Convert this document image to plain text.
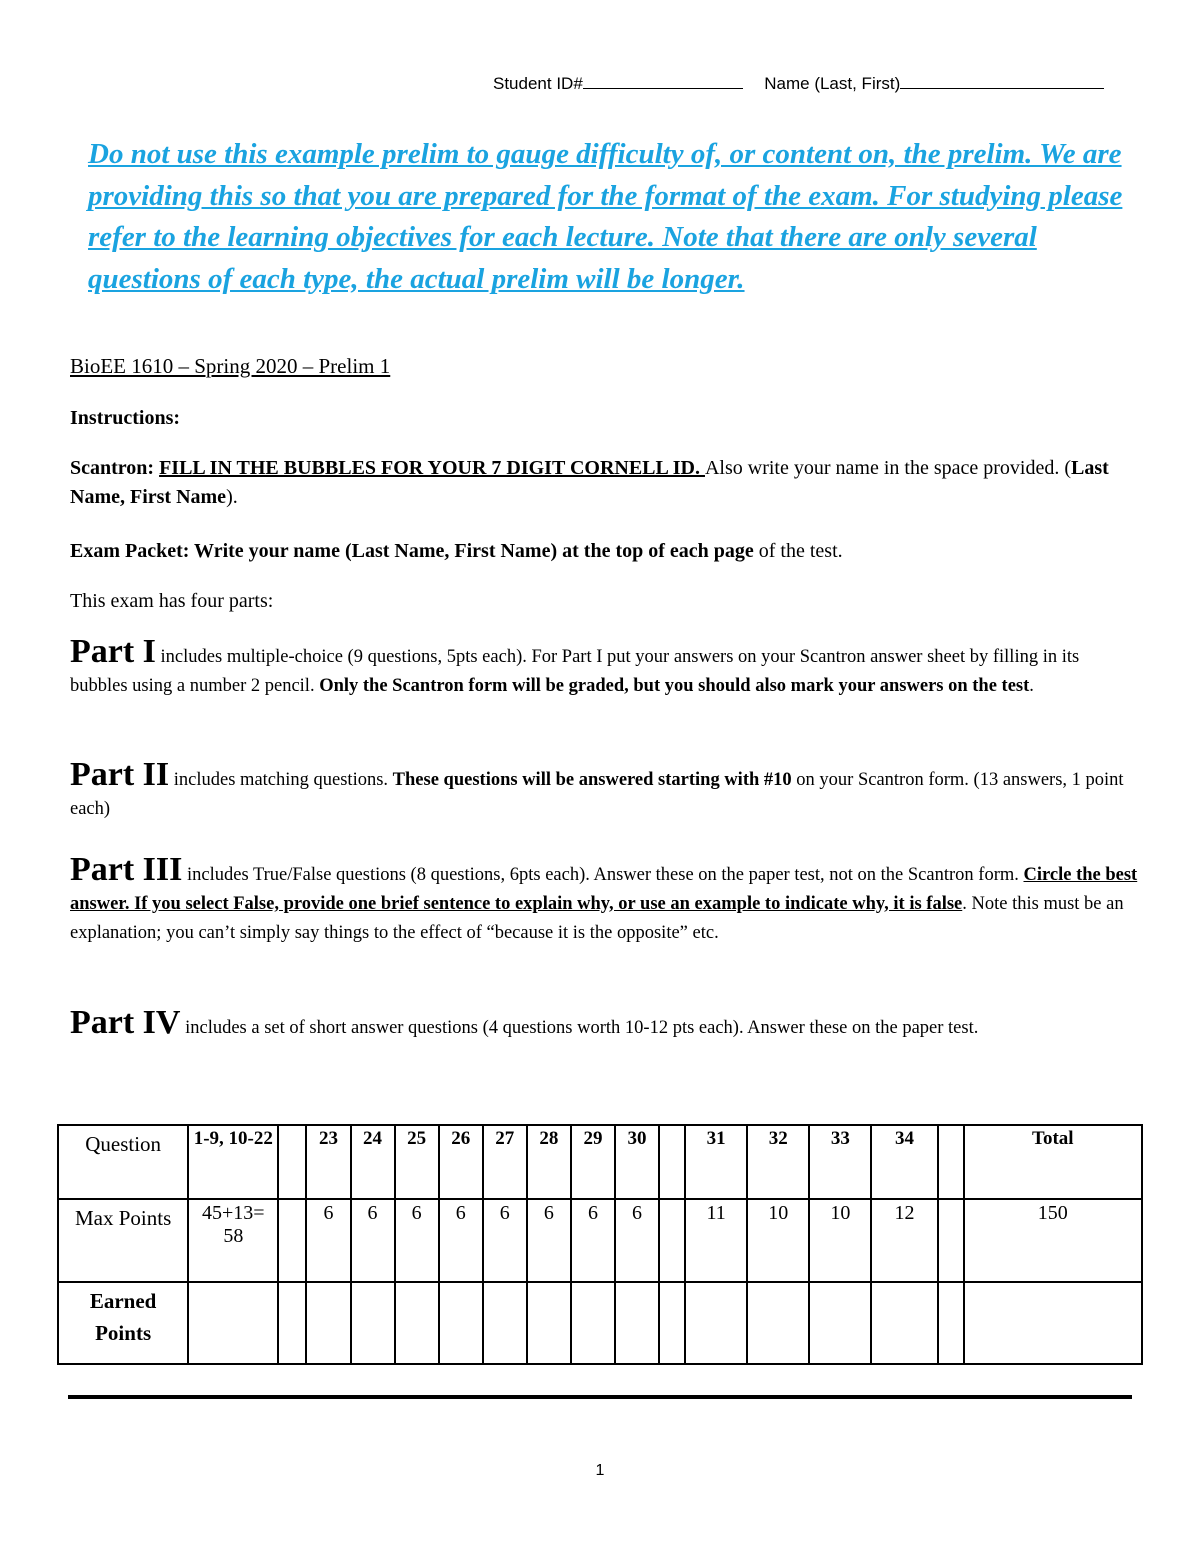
Student ID#	Name (Last, First)

Do not use this example prelim to gauge difficulty of, or content on, the prelim. We are providing this so that you are prepared for the format of the exam. For studying please refer to the learning objectives for each lecture. Note that there are only several questions of each type, the actual prelim will be longer.

BioEE 1610 – Spring 2020 – Prelim 1
Instructions:
Scantron: FILL IN THE BUBBLES FOR YOUR 7 DIGIT CORNELL ID. Also write your name in the space provided. (Last Name, First Name).
Exam Packet: Write your name (Last Name, First Name) at the top of each page of the test.
This exam has four parts:
Part I includes multiple-choice (9 questions, 5pts each). For Part I put your answers on your Scantron answer sheet by filling in its bubbles using a number 2 pencil. Only the Scantron form will be graded, but you should also mark your answers on the test.
Part II includes matching questions. These questions will be answered starting with #10 on your Scantron form. (13 answers, 1 point each)
Part III includes True/False questions (8 questions, 6pts each). Answer these on the paper test, not on the Scantron form. Circle the best answer. If you select False, provide one brief sentence to explain why, or use an example to indicate why, it is false. Note this must be an explanation; you can’t simply say things to the effect of “because it is the opposite” etc.
Part IV includes a set of short answer questions (4 questions worth 10-12 pts each). Answer these on the paper test.
Question	1-9, 10-22		23	24	25	26	27	28	29	30		31	32	33	34		Total
Max Points	45+13= 58		6	6	6	6	6	6	6	6		11	10	10	12		150
Earned Points																	
1
